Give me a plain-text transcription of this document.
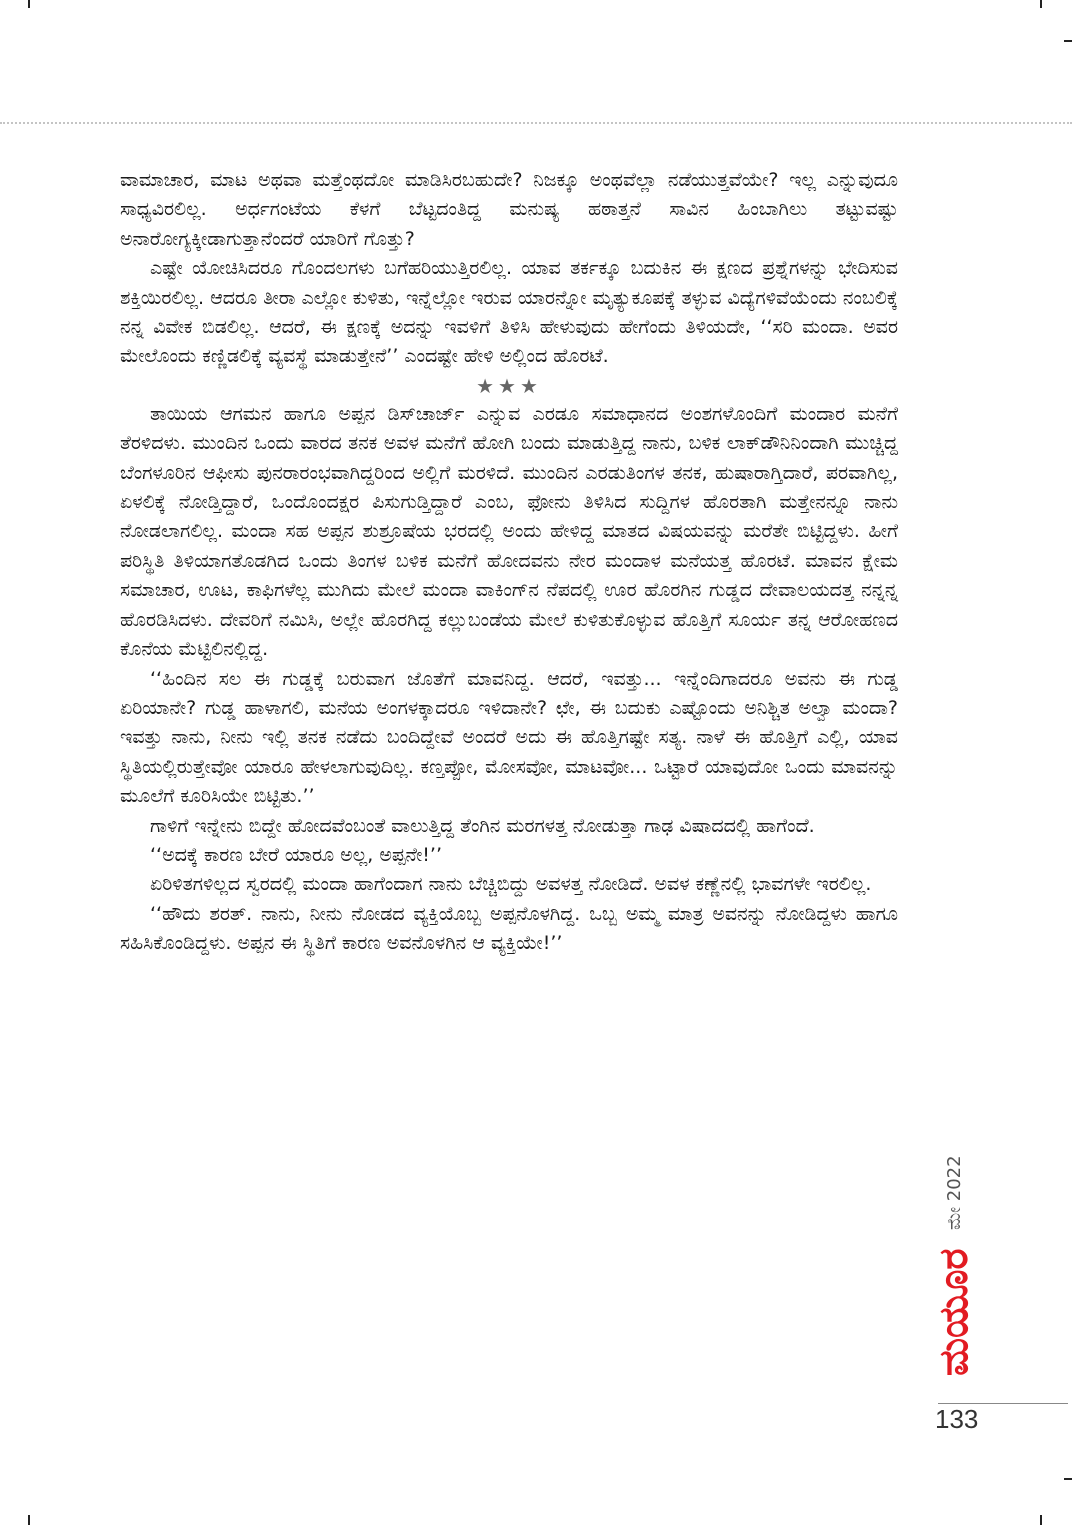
ವಾಮಾಚಾರ, ಮಾಟ ಅಥವಾ ಮತ್ತೆಂಥದೋ ಮಾಡಿಸಿರಬಹುದೇ? ನಿಜಕ್ಕೂ ಅಂಥವೆಲ್ಲಾ ನಡೆಯುತ್ತವೆಯೇ? ಇಲ್ಲ ಎನ್ನುವುದೂ ಸಾಧ್ಯವಿರಲಿಲ್ಲ. ಅರ್ಧಗಂಟೆಯ ಕೆಳಗೆ ಬೆಟ್ಟದಂತಿದ್ದ ಮನುಷ್ಯ ಹಠಾತ್ತನೆ ಸಾವಿನ ಹಿಂಬಾಗಿಲು ತಟ್ಟುವಷ್ಟು ಅನಾರೋಗ್ಯಕ್ಕೀಡಾಗುತ್ತಾನೆಂದರೆ ಯಾರಿಗೆ ಗೊತ್ತು?

ಎಷ್ಟೇ ಯೋಚಿಸಿದರೂ ಗೊಂದಲಗಳು ಬಗೆಹರಿಯುತ್ತಿರಲಿಲ್ಲ. ಯಾವ ತರ್ಕಕ್ಕೂ ಬದುಕಿನ ಈ ಕ್ಷಣದ ಪ್ರಶ್ನೆಗಳನ್ನು ಭೇದಿಸುವ ಶಕ್ತಿಯಿರಲಿಲ್ಲ. ಆದರೂ ತೀರಾ ಎಲ್ಲೋ ಕುಳಿತು, ಇನ್ನೆಲ್ಲೋ ಇರುವ ಯಾರನ್ನೋ ಮೃತ್ಯುಕೂಪಕ್ಕೆ ತಳ್ಳುವ ವಿದ್ಯೆಗಳಿವೆಯೆಂದು ನಂಬಲಿಕ್ಕೆ ನನ್ನ ವಿವೇಕ ಬಿಡಲಿಲ್ಲ. ಆದರೆ, ಈ ಕ್ಷಣಕ್ಕೆ ಅದನ್ನು ಇವಳಿಗೆ ತಿಳಿಸಿ ಹೇಳುವುದು ಹೇಗೆಂದು ತಿಳಿಯದೇ, ‘‘ಸರಿ ಮಂದಾ. ಅವರ ಮೇಲೊಂದು ಕಣ್ಣಿಡಲಿಕ್ಕೆ ವ್ಯವಸ್ಥೆ ಮಾಡುತ್ತೇನೆ’’ ಎಂದಷ್ಟೇ ಹೇಳಿ ಅಲ್ಲಿಂದ ಹೊರಟೆ.

★★★

ತಾಯಿಯ ಆಗಮನ ಹಾಗೂ ಅಪ್ಪನ ಡಿಸ್‌ಚಾರ್ಜ್ ಎನ್ನುವ ಎರಡೂ ಸಮಾಧಾನದ ಅಂಶಗಳೊಂದಿಗೆ ಮಂದಾರ ಮನೆಗೆ ತೆರಳಿದಳು. ಮುಂದಿನ ಒಂದು ವಾರದ ತನಕ ಅವಳ ಮನೆಗೆ ಹೋಗಿ ಬಂದು ಮಾಡುತ್ತಿದ್ದ ನಾನು, ಬಳಿಕ ಲಾಕ್‌ಡೌನಿನಿಂದಾಗಿ ಮುಚ್ಚಿದ್ದ ಬೆಂಗಳೂರಿನ ಆಫೀಸು ಪುನರಾರಂಭವಾಗಿದ್ದರಿಂದ ಅಲ್ಲಿಗೆ ಮರಳಿದೆ. ಮುಂದಿನ ಎರಡುತಿಂಗಳ ತನಕ, ಹುಷಾರಾಗ್ತಿದಾರೆ, ಪರವಾಗಿಲ್ಲ, ಏಳಲಿಕ್ಕೆ ನೋಡ್ತಿದ್ದಾರೆ, ಒಂದೊಂದಕ್ಷರ ಪಿಸುಗುಡ್ತಿದ್ದಾರೆ ಎಂಬ, ಫೋನು ತಿಳಿಸಿದ ಸುದ್ದಿಗಳ ಹೊರತಾಗಿ ಮತ್ತೇನನ್ನೂ ನಾನು ನೋಡಲಾಗಲಿಲ್ಲ. ಮಂದಾ ಸಹ ಅಪ್ಪನ ಶುಶ್ರೂಷೆಯ ಭರದಲ್ಲಿ ಅಂದು ಹೇಳಿದ್ದ ಮಾತದ ವಿಷಯವನ್ನು ಮರೆತೇ ಬಿಟ್ಟಿದ್ದಳು. ಹೀಗೆ ಪರಿಸ್ಥಿತಿ ತಿಳಿಯಾಗತೊಡಗಿದ ಒಂದು ತಿಂಗಳ ಬಳಿಕ ಮನೆಗೆ ಹೋದವನು ನೇರ ಮಂದಾಳ ಮನೆಯತ್ತ ಹೊರಟೆ. ಮಾವನ ಕ್ಷೇಮ ಸಮಾಚಾರ, ಊಟ, ಕಾಫಿಗಳೆಲ್ಲ ಮುಗಿದು ಮೇಲೆ ಮಂದಾ ವಾಕಿಂಗ್‌ನ ನೆಪದಲ್ಲಿ ಊರ ಹೊರಗಿನ ಗುಡ್ಡದ ದೇವಾಲಯದತ್ತ ನನ್ನನ್ನ ಹೊರಡಿಸಿದಳು. ದೇವರಿಗೆ ನಮಿಸಿ, ಅಲ್ಲೇ ಹೊರಗಿದ್ದ ಕಲ್ಲುಬಂಡೆಯ ಮೇಲೆ ಕುಳಿತುಕೊಳ್ಳುವ ಹೊತ್ತಿಗೆ ಸೂರ್ಯ ತನ್ನ ಆರೋಹಣದ ಕೊನೆಯ ಮೆಟ್ಟಿಲಿನಲ್ಲಿದ್ದ.

‘‘ಹಿಂದಿನ ಸಲ ಈ ಗುಡ್ಡಕ್ಕೆ ಬರುವಾಗ ಜೊತೆಗೆ ಮಾವನಿದ್ದ. ಆದರೆ, ಇವತ್ತು... ಇನ್ನೆಂದಿಗಾದರೂ ಅವನು ಈ ಗುಡ್ಡ ಏರಿಯಾನೇ? ಗುಡ್ಡ ಹಾಳಾಗಲಿ, ಮನೆಯ ಅಂಗಳಕ್ಕಾದರೂ ಇಳಿದಾನೇ? ಛೇ, ಈ ಬದುಕು ಎಷ್ಟೊಂದು ಅನಿಶ್ಚಿತ ಅಲ್ವಾ ಮಂದಾ? ಇವತ್ತು ನಾನು, ನೀನು ಇಲ್ಲಿ ತನಕ ನಡೆದು ಬಂದಿದ್ದೇವೆ ಅಂದರೆ ಅದು ಈ ಹೊತ್ತಿಗಷ್ಟೇ ಸತ್ಯ. ನಾಳೆ ಈ ಹೊತ್ತಿಗೆ ಎಲ್ಲಿ, ಯಾವ ಸ್ಥಿತಿಯಲ್ಲಿರುತ್ತೇವೋ ಯಾರೂ ಹೇಳಲಾಗುವುದಿಲ್ಲ. ಕಣ್ತಪ್ಪೋ, ಮೋಸವೋ, ಮಾಟವೋ... ಒಟ್ಟಾರೆ ಯಾವುದೋ ಒಂದು ಮಾವನನ್ನು ಮೂಲೆಗೆ ಕೂರಿಸಿಯೇ ಬಿಟ್ಟಿತು.’’

ಗಾಳಿಗೆ ಇನ್ನೇನು ಬಿದ್ದೇ ಹೋದವೆಂಬಂತೆ ವಾಲುತ್ತಿದ್ದ ತೆಂಗಿನ ಮರಗಳತ್ತ ನೋಡುತ್ತಾ ಗಾಢ ವಿಷಾದದಲ್ಲಿ ಹಾಗೆಂದೆ.

‘‘ಅದಕ್ಕೆ ಕಾರಣ ಬೇರೆ ಯಾರೂ ಅಲ್ಲ, ಅಪ್ಪನೇ!’’

ಏರಿಳಿತಗಳಿಲ್ಲದ ಸ್ವರದಲ್ಲಿ ಮಂದಾ ಹಾಗೆಂದಾಗ ನಾನು ಬೆಚ್ಚಿಬಿದ್ದು ಅವಳತ್ತ ನೋಡಿದೆ. ಅವಳ ಕಣ್ಣೆನಲ್ಲಿ ಭಾವಗಳೇ ಇರಲಿಲ್ಲ.

‘‘ಹೌದು ಶರತ್. ನಾನು, ನೀನು ನೋಡದ ವ್ಯಕ್ತಿಯೊಬ್ಬ ಅಪ್ಪನೊಳಗಿದ್ದ. ಒಬ್ಬ ಅಮ್ಮ ಮಾತ್ರ ಅವನನ್ನು ನೋಡಿದ್ದಳು ಹಾಗೂ ಸಹಿಸಿಕೊಂಡಿದ್ದಳು. ಅಪ್ಪನ ಈ ಸ್ಥಿತಿಗೆ ಕಾರಣ ಅವನೊಳಗಿನ ಆ ವ್ಯಕ್ತಿಯೇ!’’

ಮೇ 2022
ಮಯೂರ
133
